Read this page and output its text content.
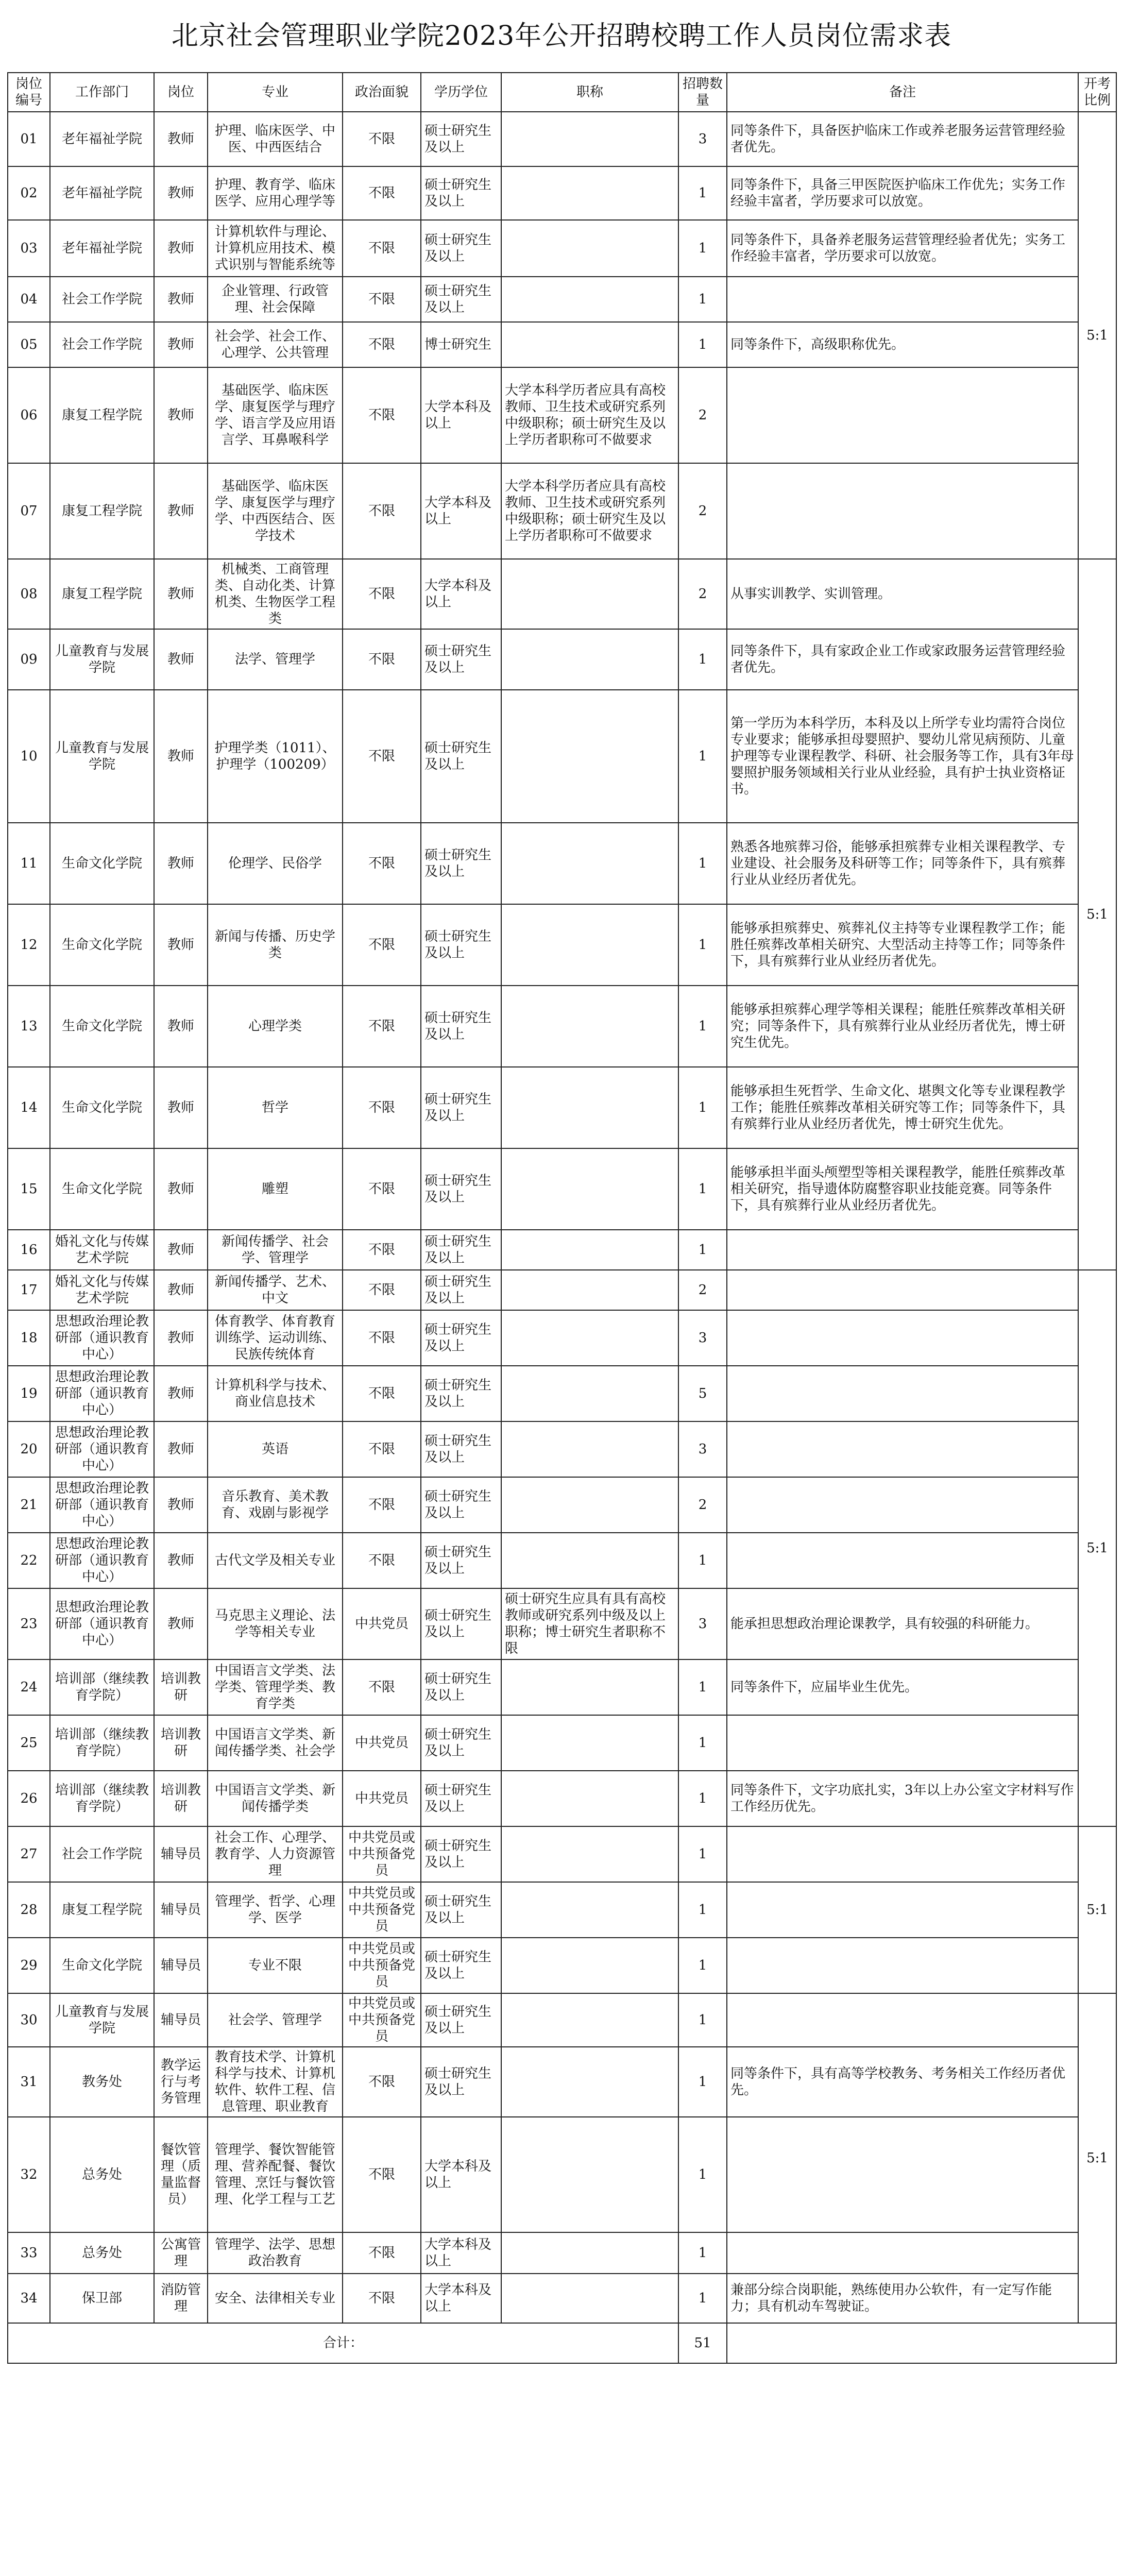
北京社会管理职业学院2023年公开招聘校聘工作人员岗位需求表
岗位编号	工作部门	岗位	专业	政治面貌	学历学位	职称	招聘数量	备注	开考比例
01	老年福祉学院	教师	护理、临床医学、中医、中西医结合	不限	硕士研究生及以上		3	同等条件下，具备医护临床工作或养老服务运营管理经验者优先。	5:1
02	老年福祉学院	教师	护理、教育学、临床医学、应用心理学等	不限	硕士研究生及以上		1	同等条件下，具备三甲医院医护临床工作优先；实务工作经验丰富者，学历要求可以放宽。	
03	老年福祉学院	教师	计算机软件与理论、计算机应用技术、模式识别与智能系统等	不限	硕士研究生及以上		1	同等条件下，具备养老服务运营管理经验者优先；实务工作经验丰富者，学历要求可以放宽。	
04	社会工作学院	教师	企业管理、行政管理、社会保障	不限	硕士研究生及以上		1		
05	社会工作学院	教师	社会学、社会工作、心理学、公共管理	不限	博士研究生		1	同等条件下，高级职称优先。	
06	康复工程学院	教师	基础医学、临床医学、康复医学与理疗学、语言学及应用语言学、耳鼻喉科学	不限	大学本科及以上	大学本科学历者应具有高校教师、卫生技术或研究系列中级职称；硕士研究生及以上学历者职称可不做要求	2		
07	康复工程学院	教师	基础医学、临床医学、康复医学与理疗学、中西医结合、医学技术	不限	大学本科及以上	大学本科学历者应具有高校教师、卫生技术或研究系列中级职称；硕士研究生及以上学历者职称可不做要求	2		
08	康复工程学院	教师	机械类、工商管理类、自动化类、计算机类、生物医学工程类	不限	大学本科及以上		2	从事实训教学、实训管理。	5:1
09	儿童教育与发展学院	教师	法学、管理学	不限	硕士研究生及以上		1	同等条件下，具有家政企业工作或家政服务运营管理经验者优先。	
10	儿童教育与发展学院	教师	护理学类（1011）、护理学（100209）	不限	硕士研究生及以上		1	第一学历为本科学历，本科及以上所学专业均需符合岗位专业要求；能够承担母婴照护、婴幼儿常见病预防、儿童护理等专业课程教学、科研、社会服务等工作，具有3年母婴照护服务领域相关行业从业经验，具有护士执业资格证书。	
11	生命文化学院	教师	伦理学、民俗学	不限	硕士研究生及以上		1	熟悉各地殡葬习俗，能够承担殡葬专业相关课程教学、专业建设、社会服务及科研等工作；同等条件下，具有殡葬行业从业经历者优先。	
12	生命文化学院	教师	新闻与传播、历史学类	不限	硕士研究生及以上		1	能够承担殡葬史、殡葬礼仪主持等专业课程教学工作；能胜任殡葬改革相关研究、大型活动主持等工作；同等条件下，具有殡葬行业从业经历者优先。	
13	生命文化学院	教师	心理学类	不限	硕士研究生及以上		1	能够承担殡葬心理学等相关课程；能胜任殡葬改革相关研究；同等条件下，具有殡葬行业从业经历者优先，博士研究生优先。	
14	生命文化学院	教师	哲学	不限	硕士研究生及以上		1	能够承担生死哲学、生命文化、堪舆文化等专业课程教学工作；能胜任殡葬改革相关研究等工作；同等条件下，具有殡葬行业从业经历者优先，博士研究生优先。	
15	生命文化学院	教师	雕塑	不限	硕士研究生及以上		1	能够承担半面头颅塑型等相关课程教学，能胜任殡葬改革相关研究，指导遗体防腐整容职业技能竞赛。同等条件下，具有殡葬行业从业经历者优先。	
16	婚礼文化与传媒艺术学院	教师	新闻传播学、社会学、管理学	不限	硕士研究生及以上		1		
17	婚礼文化与传媒艺术学院	教师	新闻传播学、艺术、中文	不限	硕士研究生及以上		2		5:1
18	思想政治理论教研部（通识教育中心）	教师	体育教学、体育教育训练学、运动训练、民族传统体育	不限	硕士研究生及以上		3		
19	思想政治理论教研部（通识教育中心）	教师	计算机科学与技术、商业信息技术	不限	硕士研究生及以上		5		
20	思想政治理论教研部（通识教育中心）	教师	英语	不限	硕士研究生及以上		3		
21	思想政治理论教研部（通识教育中心）	教师	音乐教育、美术教育、戏剧与影视学	不限	硕士研究生及以上		2		
22	思想政治理论教研部（通识教育中心）	教师	古代文学及相关专业	不限	硕士研究生及以上		1		
23	思想政治理论教研部（通识教育中心）	教师	马克思主义理论、法学等相关专业	中共党员	硕士研究生及以上	硕士研究生应具有具有高校教师或研究系列中级及以上职称；博士研究生者职称不限	3	能承担思想政治理论课教学，具有较强的科研能力。	
24	培训部（继续教育学院）	培训教研	中国语言文学类、法学类、管理学类、教育学类	不限	硕士研究生及以上		1	同等条件下，应届毕业生优先。	
25	培训部（继续教育学院）	培训教研	中国语言文学类、新闻传播学类、社会学	中共党员	硕士研究生及以上		1		
26	培训部（继续教育学院）	培训教研	中国语言文学类、新闻传播学类	中共党员	硕士研究生及以上		1	同等条件下，文字功底扎实，3年以上办公室文字材料写作工作经历优先。	
27	社会工作学院	辅导员	社会工作、心理学、教育学、人力资源管理	中共党员或中共预备党员	硕士研究生及以上		1		5:1
28	康复工程学院	辅导员	管理学、哲学、心理学、医学	中共党员或中共预备党员	硕士研究生及以上		1		
29	生命文化学院	辅导员	专业不限	中共党员或中共预备党员	硕士研究生及以上		1		
30	儿童教育与发展学院	辅导员	社会学、管理学	中共党员或中共预备党员	硕士研究生及以上		1		5:1
31	教务处	教学运行与考务管理	教育技术学、计算机科学与技术、计算机软件、软件工程、信息管理、职业教育	不限	硕士研究生及以上		1	同等条件下，具有高等学校教务、考务相关工作经历者优先。	
32	总务处	餐饮管理（质量监督员）	管理学、餐饮智能管理、营养配餐、餐饮管理、烹饪与餐饮管理、化学工程与工艺	不限	大学本科及以上		1		
33	总务处	公寓管理	管理学、法学、思想政治教育	不限	大学本科及以上		1		
34	保卫部	消防管理	安全、法律相关专业	不限	大学本科及以上		1	兼部分综合岗职能，熟练使用办公软件，有一定写作能力；具有机动车驾驶证。	
合计：							51		
